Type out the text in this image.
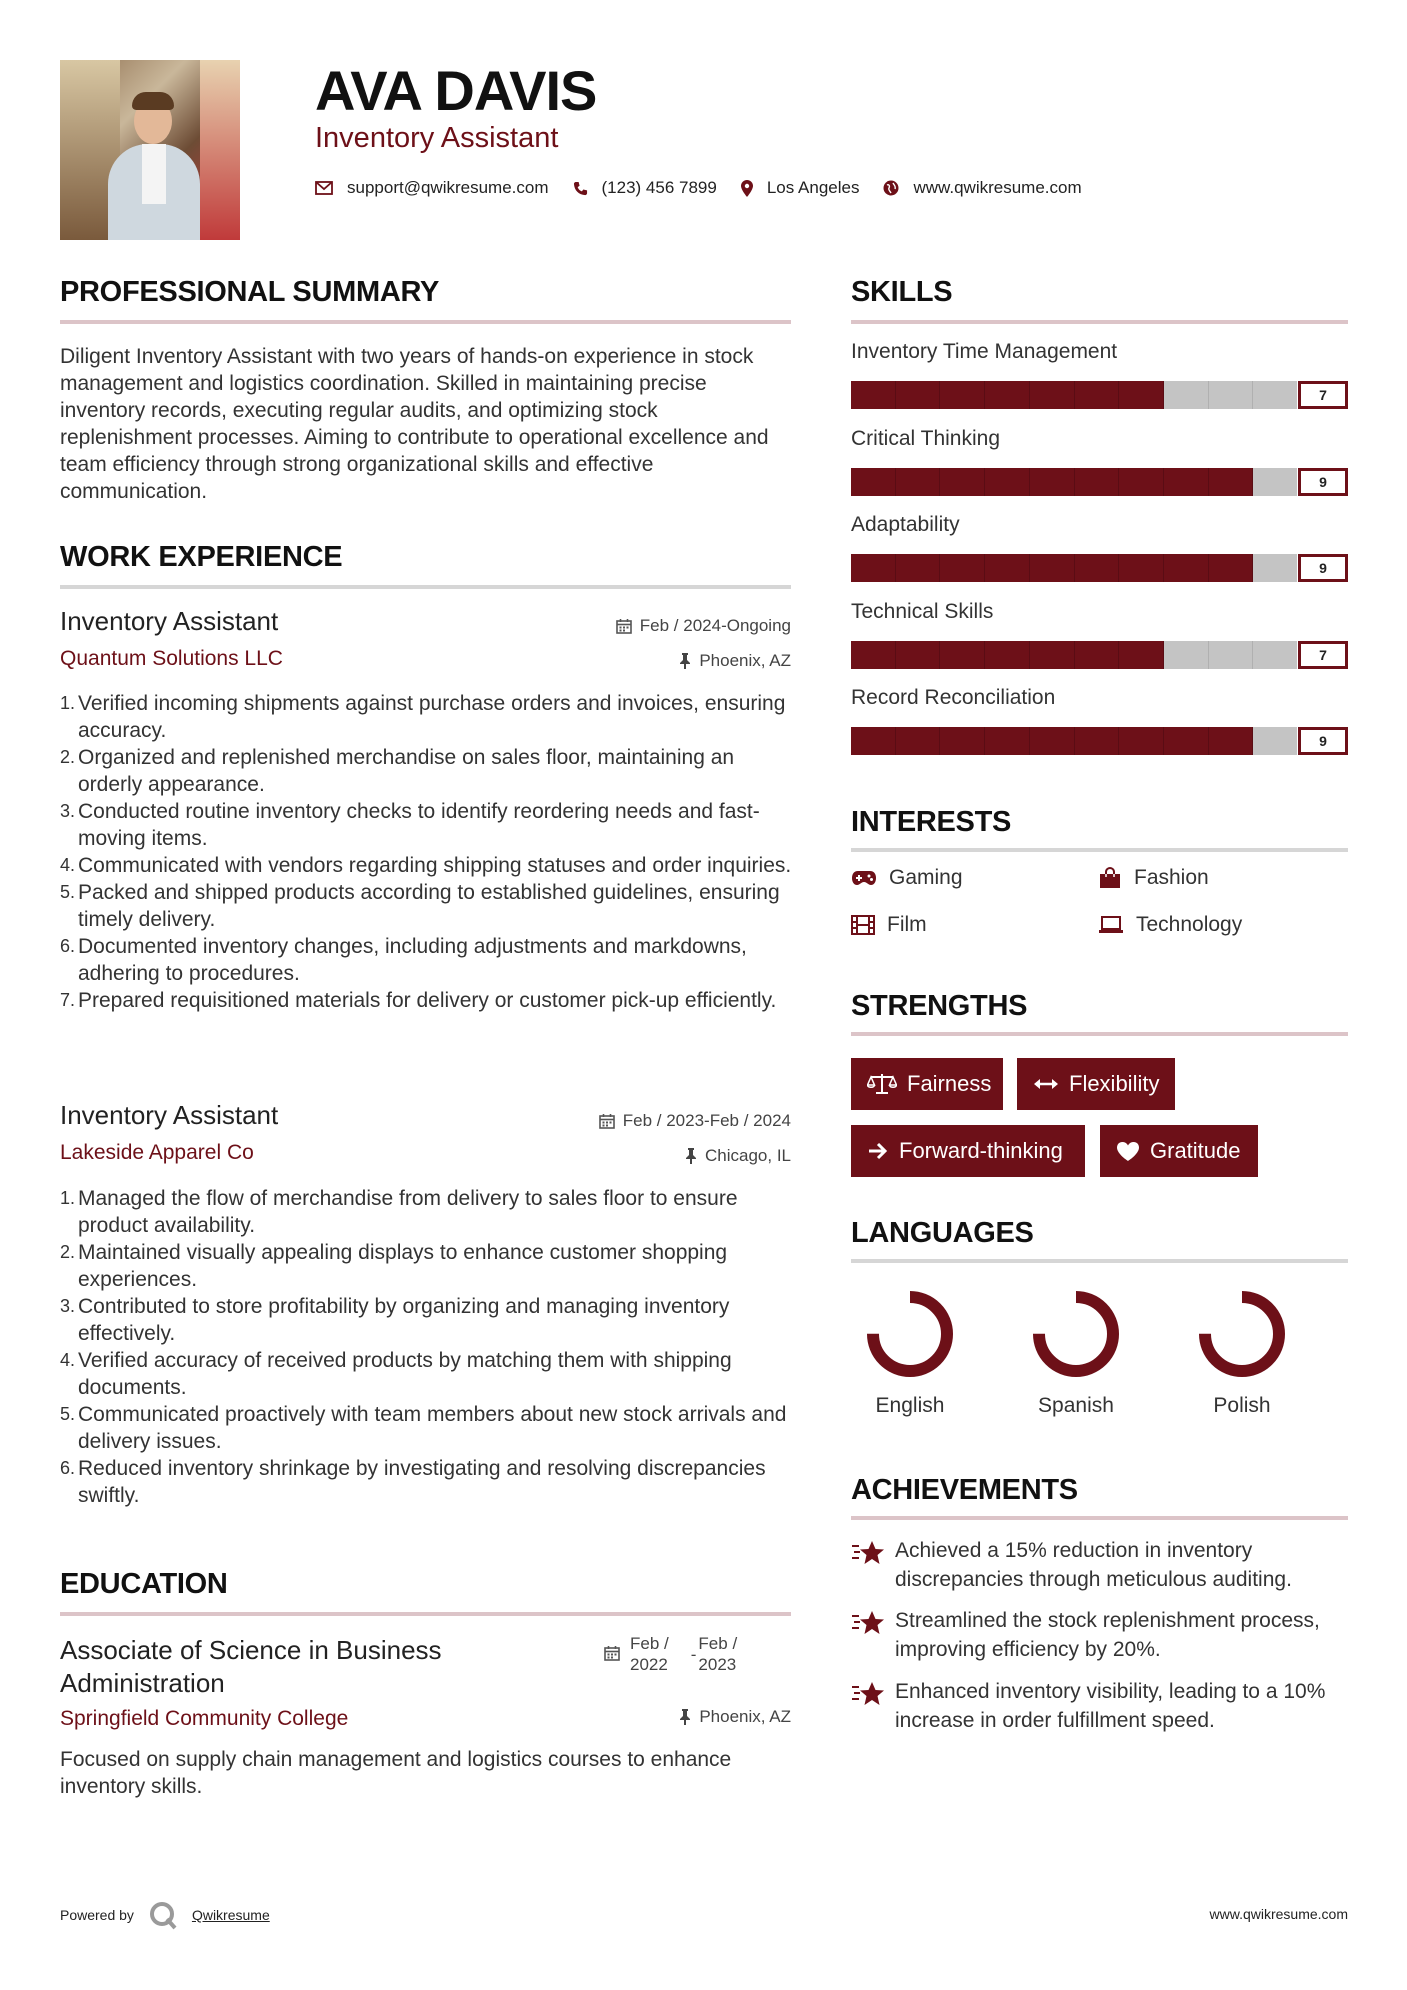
AVA DAVIS
Inventory Assistant
support@qwikresume.com	(123) 456 7899	Los Angeles	www.qwikresume.com
PROFESSIONAL SUMMARY
Diligent Inventory Assistant with two years of hands-on experience in stock management and logistics coordination. Skilled in maintaining precise inventory records, executing regular audits, and optimizing stock replenishment processes. Aiming to contribute to operational excellence and team efficiency through strong organizational skills and effective communication.
WORK EXPERIENCE
Inventory Assistant	Feb / 2024-Ongoing
Quantum Solutions LLC	Phoenix, AZ
1. Verified incoming shipments against purchase orders and invoices, ensuring accuracy.
2. Organized and replenished merchandise on sales floor, maintaining an orderly appearance.
3. Conducted routine inventory checks to identify reordering needs and fast-moving items.
4. Communicated with vendors regarding shipping statuses and order inquiries.
5. Packed and shipped products according to established guidelines, ensuring timely delivery.
6. Documented inventory changes, including adjustments and markdowns, adhering to procedures.
7. Prepared requisitioned materials for delivery or customer pick-up efficiently.
Inventory Assistant	Feb / 2023-Feb / 2024
Lakeside Apparel Co	Chicago, IL
1. Managed the flow of merchandise from delivery to sales floor to ensure product availability.
2. Maintained visually appealing displays to enhance customer shopping experiences.
3. Contributed to store profitability by organizing and managing inventory effectively.
4. Verified accuracy of received products by matching them with shipping documents.
5. Communicated proactively with team members about new stock arrivals and delivery issues.
6. Reduced inventory shrinkage by investigating and resolving discrepancies swiftly.
EDUCATION
Associate of Science in Business
Administration
Feb /
2022
-
Feb /
2023
Springfield Community College	Phoenix, AZ
Focused on supply chain management and logistics courses to enhance inventory skills.
SKILLS
Inventory Time Management
7
Critical Thinking
9
Adaptability
9
Technical Skills
7
Record Reconciliation
9
INTERESTS
Gaming	Fashion
Film	Technology
STRENGTHS
Fairness	Flexibility
Forward-thinking	Gratitude
LANGUAGES
English	Spanish	Polish
ACHIEVEMENTS
Achieved a 15% reduction in inventory discrepancies through meticulous auditing.
Streamlined the stock replenishment process, improving efficiency by 20%.
Enhanced inventory visibility, leading to a 10% increase in order fulfillment speed.
Powered by	Qwikresume	www.qwikresume.com
